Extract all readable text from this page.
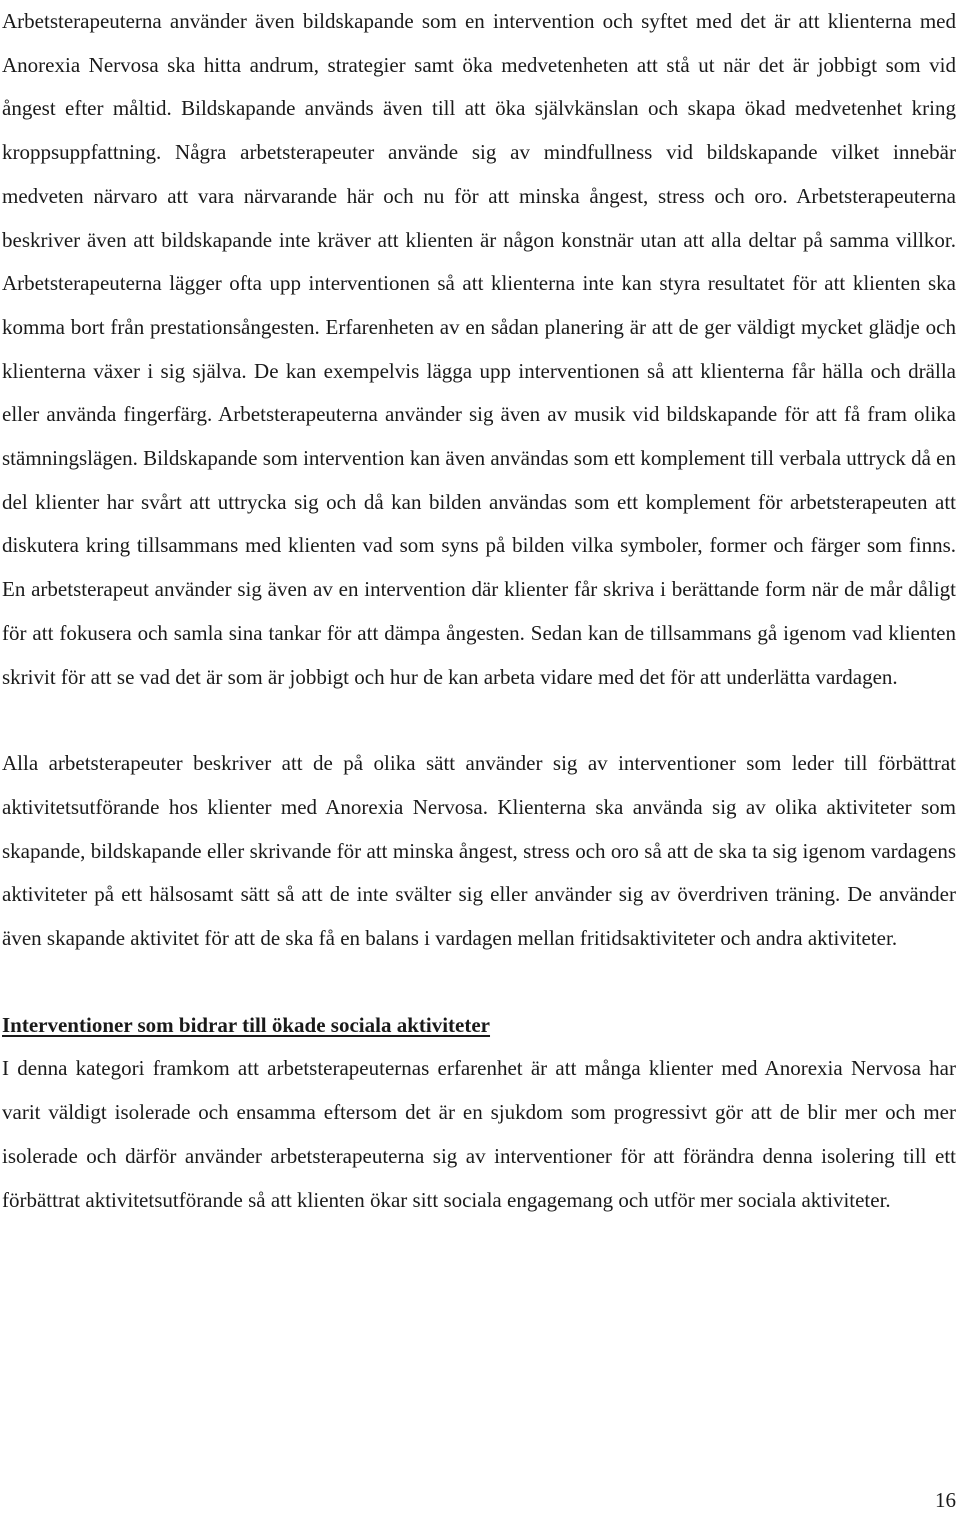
Arbetsterapeuterna använder även bildskapande som en intervention och syftet med det är att klienterna med Anorexia Nervosa ska hitta andrum, strategier samt öka medvetenheten att stå ut när det är jobbigt som vid ångest efter måltid. Bildskapande används även till att öka självkänslan och skapa ökad medvetenhet kring kroppsuppfattning. Några arbetsterapeuter använde sig av mindfullness vid bildskapande vilket innebär medveten närvaro att vara närvarande här och nu för att minska ångest, stress och oro. Arbetsterapeuterna beskriver även att bildskapande inte kräver att klienten är någon konstnär utan att alla deltar på samma villkor. Arbetsterapeuterna lägger ofta upp interventionen så att klienterna inte kan styra resultatet för att klienten ska komma bort från prestationsångesten. Erfarenheten av en sådan planering är att de ger väldigt mycket glädje och klienterna växer i sig själva. De kan exempelvis lägga upp interventionen så att klienterna får hälla och drälla eller använda fingerfärg. Arbetsterapeuterna använder sig även av musik vid bildskapande för att få fram olika stämningslägen. Bildskapande som intervention kan även användas som ett komplement till verbala uttryck då en del klienter har svårt att uttrycka sig och då kan bilden användas som ett komplement för arbetsterapeuten att diskutera kring tillsammans med klienten vad som syns på bilden vilka symboler, former och färger som finns. En arbetsterapeut använder sig även av en intervention där klienter får skriva i berättande form när de mår dåligt för att fokusera och samla sina tankar för att dämpa ångesten. Sedan kan de tillsammans gå igenom vad klienten skrivit för att se vad det är som är jobbigt och hur de kan arbeta vidare med det för att underlätta vardagen.

Alla arbetsterapeuter beskriver att de på olika sätt använder sig av interventioner som leder till förbättrat aktivitetsutförande hos klienter med Anorexia Nervosa. Klienterna ska använda sig av olika aktiviteter som skapande, bildskapande eller skrivande för att minska ångest, stress och oro så att de ska ta sig igenom vardagens aktiviteter på ett hälsosamt sätt så att de inte svälter sig eller använder sig av överdriven träning. De använder även skapande aktivitet för att de ska få en balans i vardagen mellan fritidsaktiviteter och andra aktiviteter.

Interventioner som bidrar till ökade sociala aktiviteter

I denna kategori framkom att arbetsterapeuternas erfarenhet är att många klienter med Anorexia Nervosa har varit väldigt isolerade och ensamma eftersom det är en sjukdom som progressivt gör att de blir mer och mer isolerade och därför använder arbetsterapeuterna sig av interventioner för att förändra denna isolering till ett förbättrat aktivitetsutförande så att klienten ökar sitt sociala engagemang och utför mer sociala aktiviteter.

16
